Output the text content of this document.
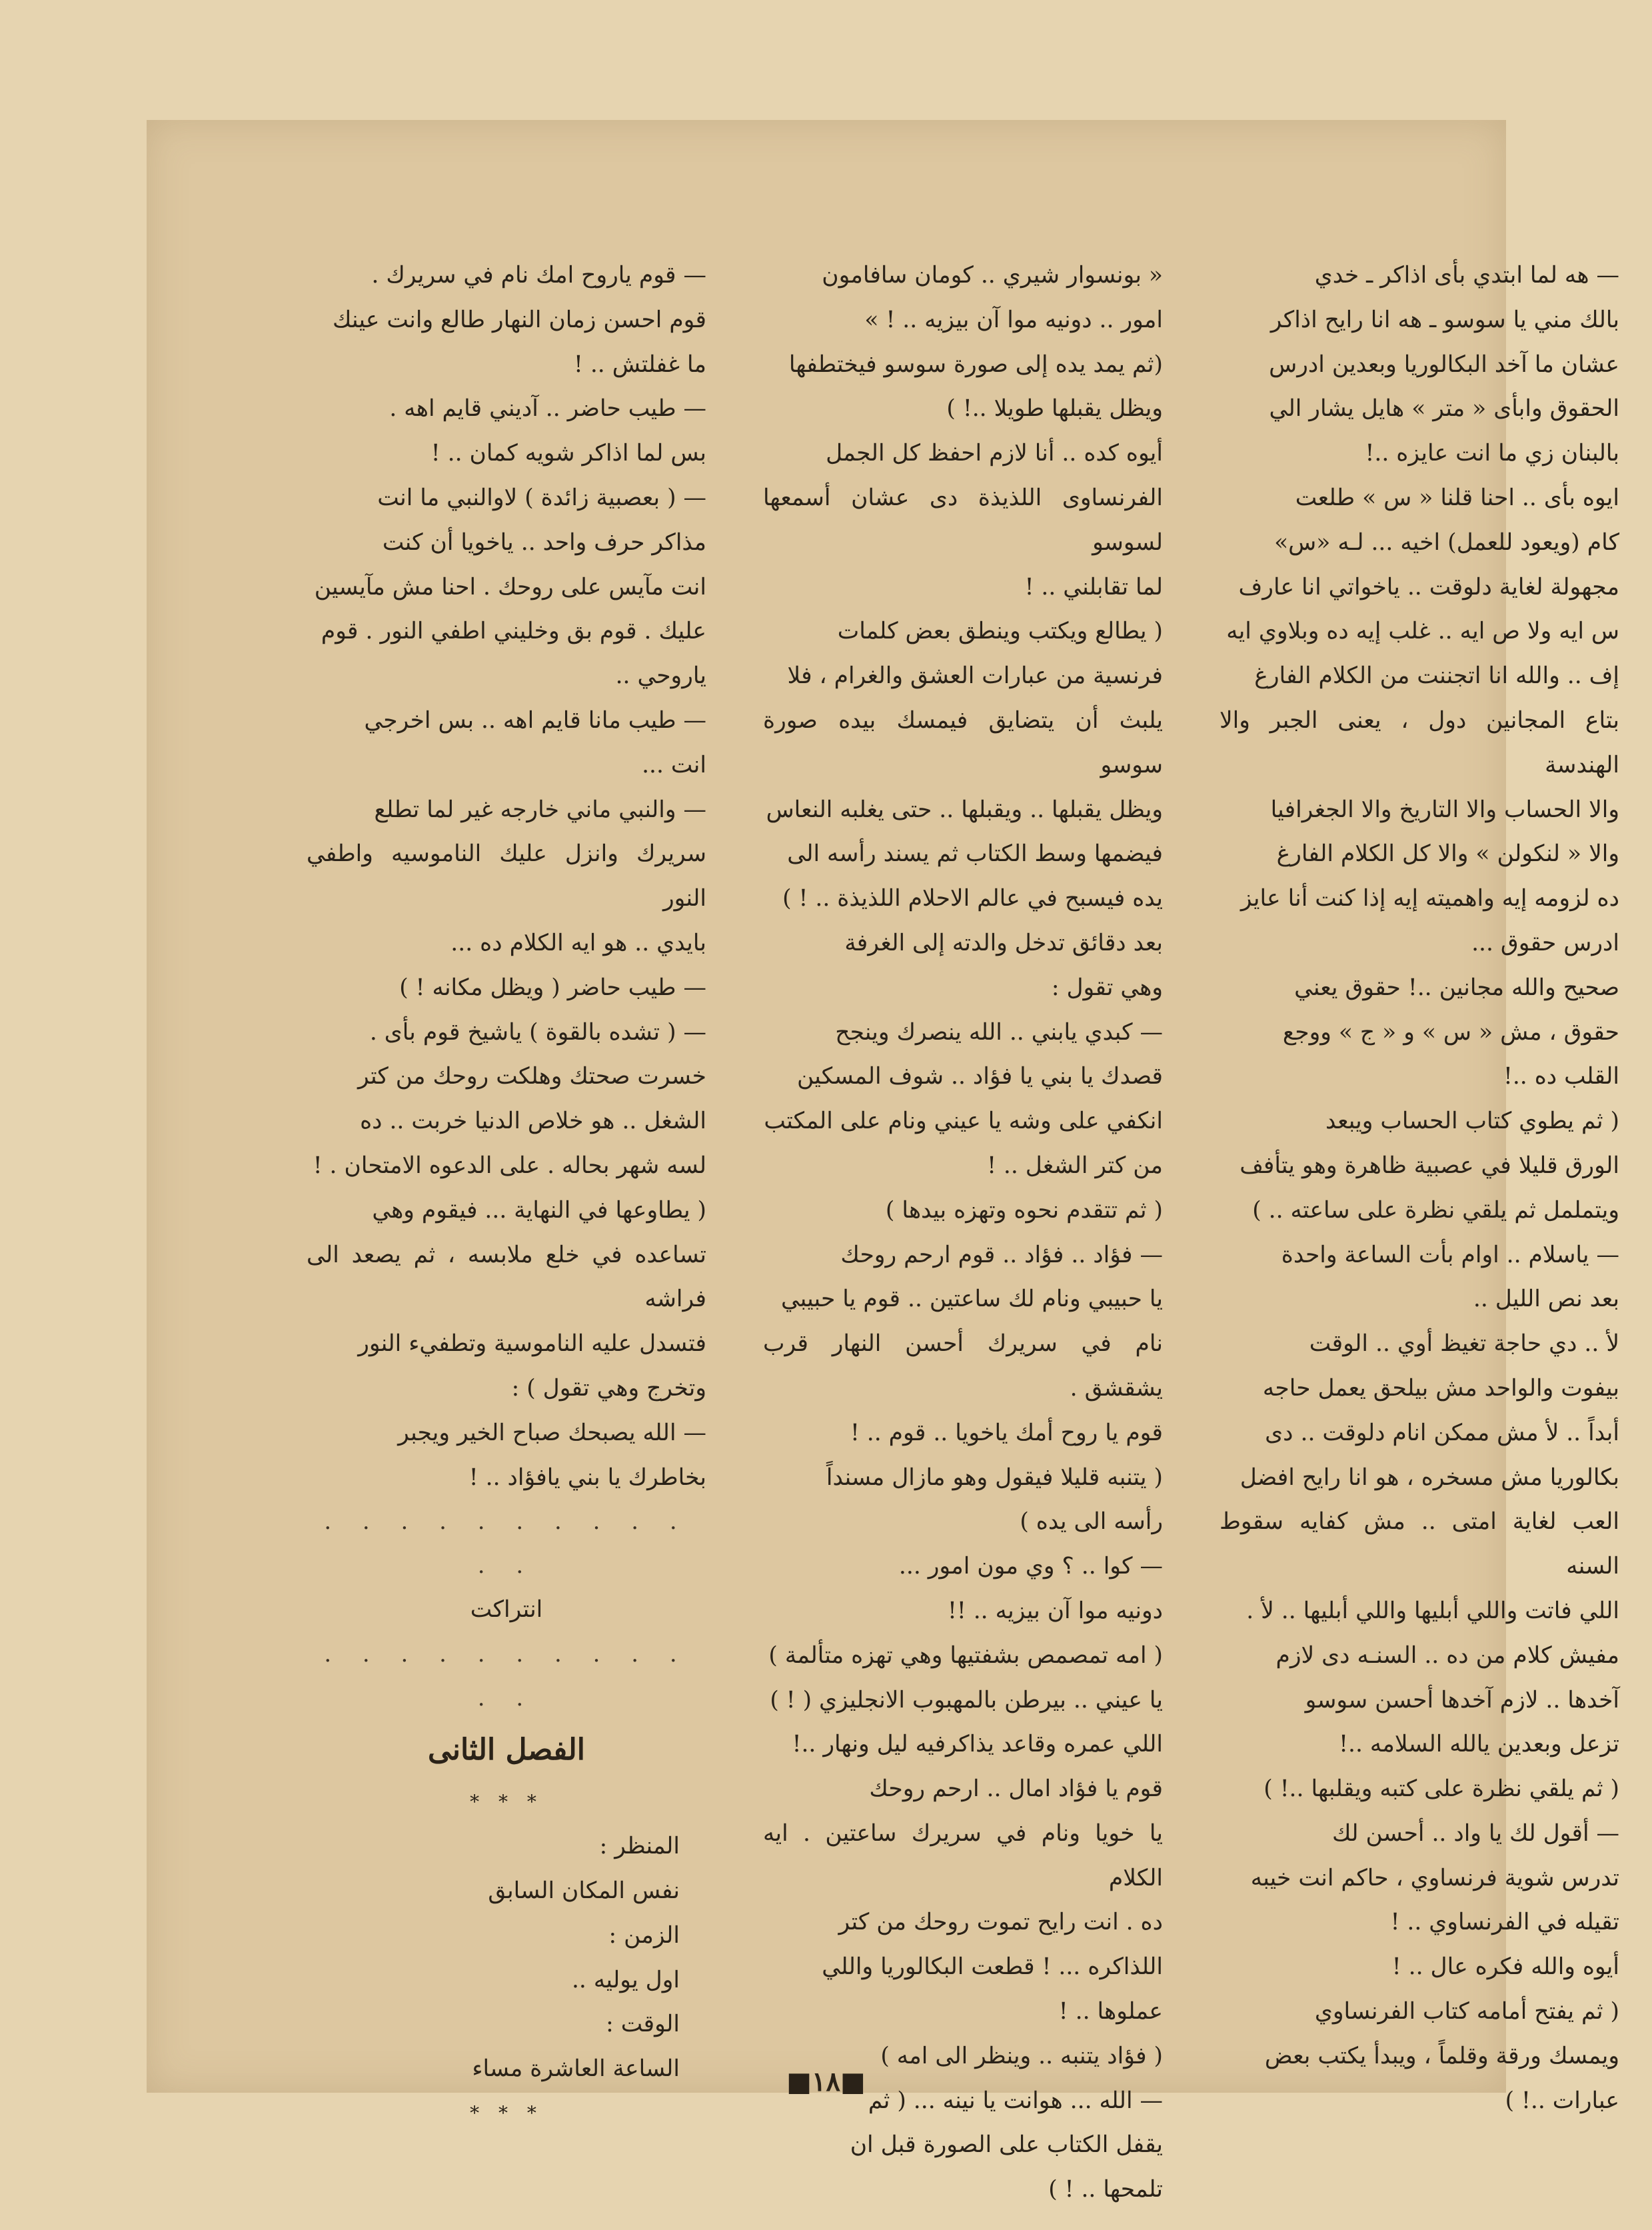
— هه لما ابتدي بأى اذاكر ـ خدي

بالك مني يا سوسو ـ هه انا رايح اذاكر

عشان ما آخد البكالوريا وبعدين ادرس

الحقوق وابأى « متر » هايل يشار الي

بالبنان زي ما انت عايزه ..!

ايوه بأى .. احنا قلنا « س » طلعت

كام (ويعود للعمل) اخيه ... لـه «س»

مجهولة لغاية دلوقت .. ياخواتي انا عارف

س ايه ولا ص ايه .. غلب إيه ده وبلاوي ايه

إف .. والله انا اتجننت من الكلام الفارغ

بتاع المجانين دول ، يعنى الجبر والا الهندسة

والا الحساب والا التاريخ والا الجغرافيا

والا « لنكولن » والا كل الكلام الفارغ

ده لزومه إيه واهميته إيه إذا كنت أنا عايز

ادرس حقوق ...

صحيح والله مجانين ..! حقوق يعني

حقوق ، مش « س » و « ج » ووجع

القلب ده ..!

( ثم يطوي كتاب الحساب ويبعد

الورق قليلا في عصبية ظاهرة وهو يتأفف

ويتململ ثم يلقي نظرة على ساعته .. )

— ياسلام .. اوام بأت الساعة واحدة

بعد نص الليل ..

لأ .. دي حاجة تغيظ أوي .. الوقت

بيفوت والواحد مش بيلحق يعمل حاجه

أبداً .. لأ مش ممكن انام دلوقت .. دى

بكالوريا مش مسخره ، هو انا رايح افضل

العب لغاية امتى .. مش كفايه سقوط السنه

اللي فاتت واللي أبليها واللي أبليها .. لأ .

مفيش كلام من ده .. السنـه دى لازم

آخدها .. لازم آخدها أحسن سوسو

تزعل وبعدين يالله السلامه ..!

( ثم يلقي نظرة على كتبه ويقلبها ..! )

— أقول لك يا واد .. أحسن لك

تدرس شوية فرنساوي ، حاكم انت خيبه

تقيله في الفرنساوي .. !

أيوه والله فكره عال .. !

( ثم يفتح أمامه كتاب الفرنساوي

ويمسك ورقة وقلماً ، ويبدأ يكتب بعض

عبارات ..! )

« بونسوار شيري .. كومان سافامون

امور .. دونيه موا آن بيزيه .. ! »

(ثم يمد يده إلى صورة سوسو فيختطفها

ويظل يقبلها طويلا ..! )

أيوه كده .. أنا لازم احفظ كل الجمل

الفرنساوى اللذيذة دى عشان أسمعها لسوسو

لما تقابلني .. !

( يطالع ويكتب وينطق بعض كلمات

فرنسية من عبارات العشق والغرام ، فلا

يلبث أن يتضايق فيمسك بيده صورة سوسو

ويظل يقبلها .. ويقبلها .. حتى يغلبه النعاس

فيضمها وسط الكتاب ثم يسند رأسه الى

يده فيسبح في عالم الاحلام اللذيذة .. ! )

بعد دقائق تدخل والدته إلى الغرفة

وهي تقول :

— كبدي يابني .. الله ينصرك وينجح

قصدك يا بني يا فؤاد .. شوف المسكين

انكفي على وشه يا عيني ونام على المكتب

من كتر الشغل .. !

( ثم تتقدم نحوه وتهزه بيدها )

— فؤاد .. فؤاد .. قوم ارحم روحك

يا حبيبي ونام لك ساعتين .. قوم يا حبيبي

نام في سريرك أحسن النهار قرب يشقشق .

قوم يا روح أمك ياخويا .. قوم .. !

( يتنبه قليلا فيقول وهو مازال مسنداً

رأسه الى يده )

— كوا .. ؟ وي مون امور ...

دونيه موا آن بيزيه .. !!

( امه تمصمص بشفتيها وهي تهزه متألمة )

يا عيني .. بيرطن بالمهبوب الانجليزي ( ! )

اللي عمره وقاعد يذاكرفيه ليل ونهار ..!

قوم يا فؤاد امال .. ارحم روحك

يا خويا ونام في سريرك ساعتين . ايه الكلام

ده . انت رايح تموت روحك من كتر

اللذاكره ... ! قطعت البكالوريا واللي

عملوها .. !

( فؤاد يتنبه .. وينظر الى امه )

— الله ... هوانت يا نينه ... ( ثم

يقفل الكتاب على الصورة قبل ان

تلمحها .. ! )

— قوم ياروح امك نام في سريرك .

قوم احسن زمان النهار طالع وانت عينك

ما غفلتش .. !

— طيب حاضر .. آديني قايم اهه .

بس لما اذاكر شويه كمان .. !

— ( بعصبية زائدة ) لاوالنبي ما انت

مذاكر حرف واحد .. ياخويا أن كنت

انت مآيس على روحك . احنا مش مآيسين

عليك . قوم بق وخليني اطفي النور . قوم

ياروحي ..

— طيب مانا قايم اهه .. بس اخرجي

انت ...

— والنبي ماني خارجه غير لما تطلع

سريرك وانزل عليك الناموسيه واطفي النور

بايدي .. هو ايه الكلام ده ...

— طيب حاضر ( ويظل مكانه ! )

— ( تشده بالقوة ) ياشيخ قوم بأى .

خسرت صحتك وهلكت روحك من كتر

الشغل .. هو خلاص الدنيا خربت .. ده

لسه شهر بحاله . على الدعوه الامتحان . !

( يطاوعها في النهاية ... فيقوم وهي

تساعده في خلع ملابسه ، ثم يصعد الى فراشه

فتسدل عليه الناموسية وتطفيء النور

وتخرج وهي تقول ) :

— الله يصبحك صباح الخير ويجبر

بخاطرك يا بني يافؤاد .. !

. . . . . . . . . . . .

انتراكت

. . . . . . . . . . . .

الفصل الثانى

* * *

المنظر :

نفس المكان السابق

الزمن :

اول يوليه ..

الوقت :

الساعة العاشرة مساء

* * *

■١٨■
